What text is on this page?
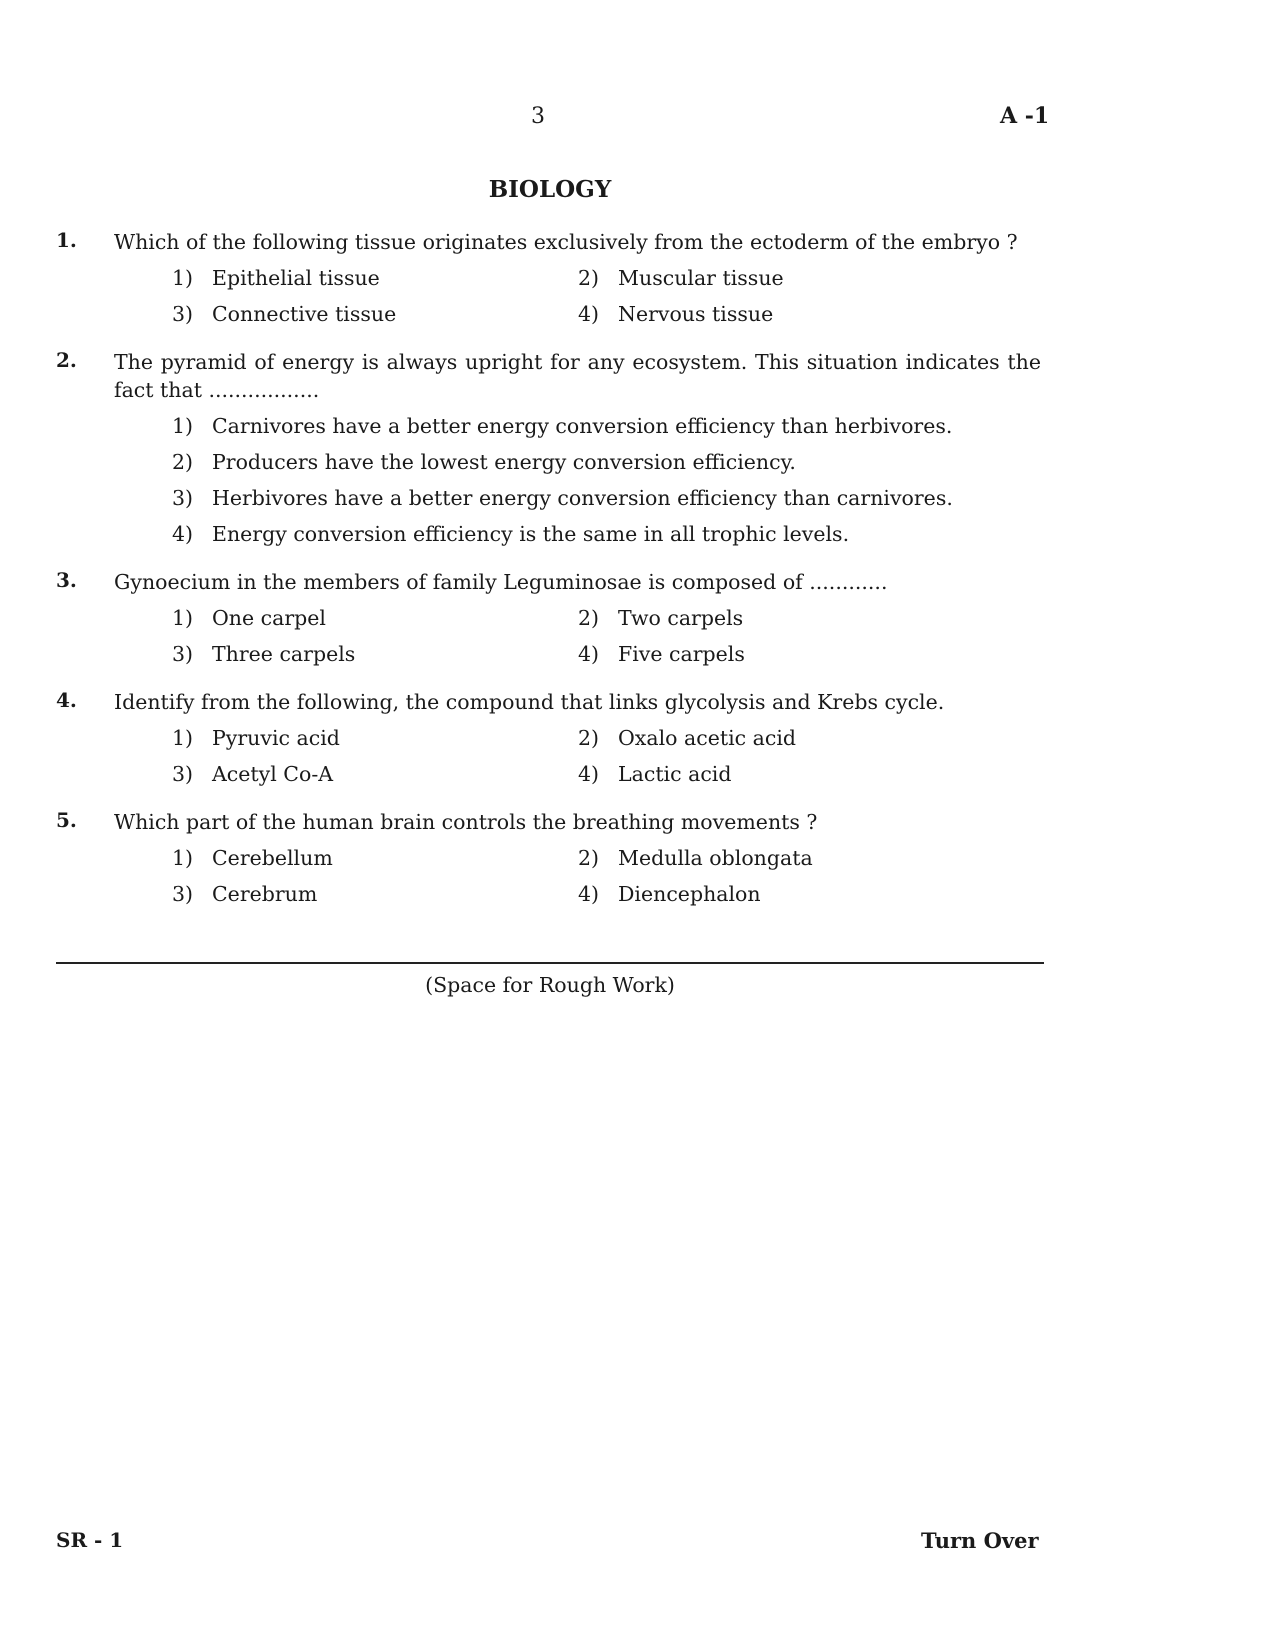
3	A -1
BIOLOGY
1. Which of the following tissue originates exclusively from the ectoderm of the embryo ?
1) Epithelial tissue	2) Muscular tissue
3) Connective tissue	4) Nervous tissue
2. The pyramid of energy is always upright for any ecosystem. This situation indicates the fact that .................
1) Carnivores have a better energy conversion efficiency than herbivores.
2) Producers have the lowest energy conversion efficiency.
3) Herbivores have a better energy conversion efficiency than carnivores.
4) Energy conversion efficiency is the same in all trophic levels.
3. Gynoecium in the members of family Leguminosae is composed of ............
1) One carpel	2) Two carpels
3) Three carpels	4) Five carpels
4. Identify from the following, the compound that links glycolysis and Krebs cycle.
1) Pyruvic acid	2) Oxalo acetic acid
3) Acetyl Co-A	4) Lactic acid
5. Which part of the human brain controls the breathing movements ?
1) Cerebellum	2) Medulla oblongata
3) Cerebrum	4) Diencephalon
(Space for Rough Work)
SR - 1	Turn Over
